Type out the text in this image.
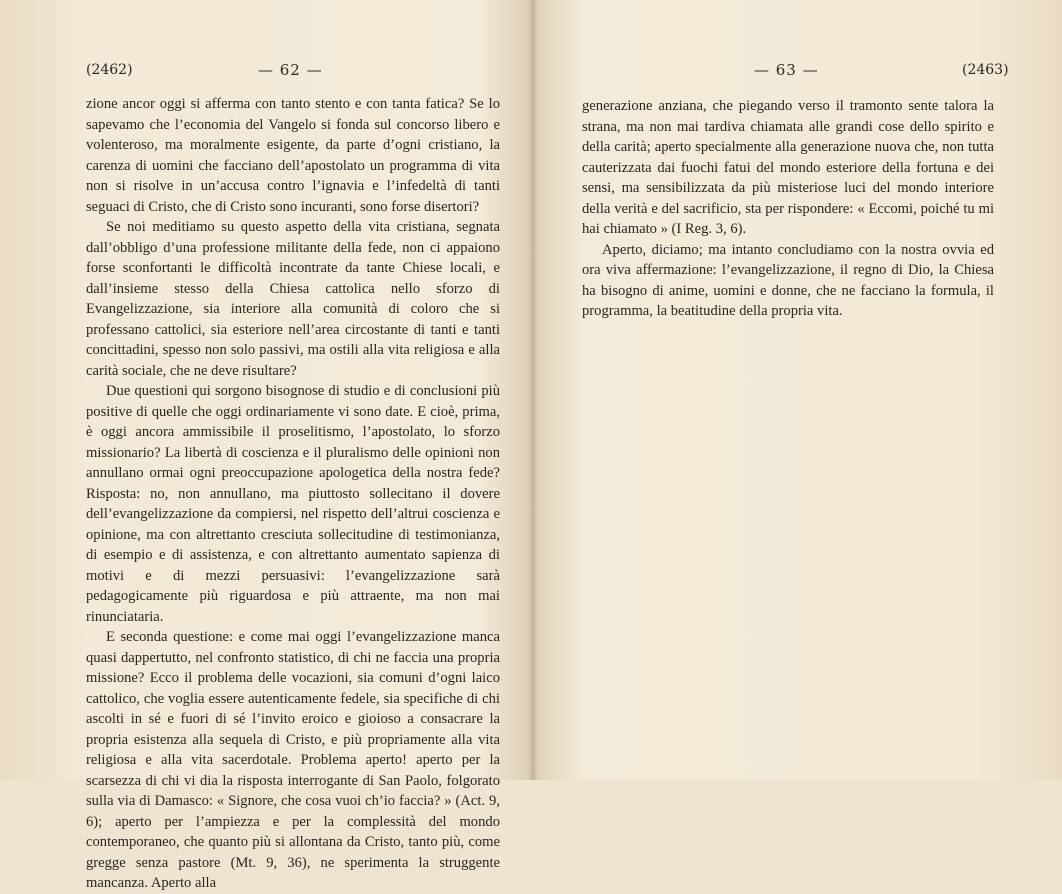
(2462)	— 62 —

zione ancor oggi si afferma con tanto stento e con tanta fatica? Se lo sapevamo che l’economia del Vangelo si fonda sul concorso libero e volenteroso, ma moralmente esigente, da parte d’ogni cristiano, la carenza di uomini che facciano dell’apostolato un programma di vita non si risolve in un’accusa contro l’ignavia e l’infedeltà di tanti seguaci di Cristo, che di Cristo sono incuranti, sono forse disertori?

Se noi meditiamo su questo aspetto della vita cristiana, segnata dall’obbligo d’una professione militante della fede, non ci appaiono forse sconfortanti le difficoltà incontrate da tante Chiese locali, e dall’insieme stesso della Chiesa cattolica nello sforzo di Evangelizzazione, sia interiore alla comunità di coloro che si professano cattolici, sia esteriore nell’area circostante di tanti e tanti concittadini, spesso non solo passivi, ma ostili alla vita religiosa e alla carità sociale, che ne deve risultare?

Due questioni qui sorgono bisognose di studio e di conclusioni più positive di quelle che oggi ordinariamente vi sono date. E cioè, prima, è oggi ancora ammissibile il proselitismo, l’apostolato, lo sforzo missionario? La libertà di coscienza e il pluralismo delle opinioni non annullano ormai ogni preoccupazione apologetica della nostra fede? Risposta: no, non annullano, ma piuttosto sollecitano il dovere dell’evangelizzazione da compiersi, nel rispetto dell’altrui coscienza e opinione, ma con altrettanto cresciuta sollecitudine di testimonianza, di esempio e di assistenza, e con altrettanto aumentato sapienza di motivi e di mezzi persuasivi: l’evangelizzazione sarà pedagogicamente più riguardosa e più attraente, ma non mai rinunciataria.

E seconda questione: e come mai oggi l’evangelizzazione manca quasi dappertutto, nel confronto statistico, di chi ne faccia una propria missione? Ecco il problema delle vocazioni, sia comuni d’ogni laico cattolico, che voglia essere autenticamente fedele, sia specifiche di chi ascolti in sé e fuori di sé l’invito eroico e gioioso a consacrare la propria esistenza alla sequela di Cristo, e più propriamente alla vita religiosa e alla vita sacerdotale. Problema aperto! aperto per la scarsezza di chi vi dia la risposta interrogante di San Paolo, folgorato sulla via di Damasco: « Signore, che cosa vuoi ch’io faccia? » (Act. 9, 6); aperto per l’ampiezza e per la complessità del mondo contemporaneo, che quanto più si allontana da Cristo, tanto più, come gregge senza pastore (Mt. 9, 36), ne sperimenta la struggente mancanza. Aperto alla

— 63 —	(2463)

generazione anziana, che piegando verso il tramonto sente talora la strana, ma non mai tardiva chiamata alle grandi cose dello spirito e della carità; aperto specialmente alla generazione nuova che, non tutta cauterizzata dai fuochi fatui del mondo esteriore della fortuna e dei sensi, ma sensibilizzata da più misteriose luci del mondo interiore della verità e del sacrificio, sta per rispondere: « Eccomi, poiché tu mi hai chiamato » (I Reg. 3, 6).

Aperto, diciamo; ma intanto concludiamo con la nostra ovvia ed ora viva affermazione: l’evangelizzazione, il regno di Dio, la Chiesa ha bisogno di anime, uomini e donne, che ne facciano la formula, il programma, la beatitudine della propria vita.
